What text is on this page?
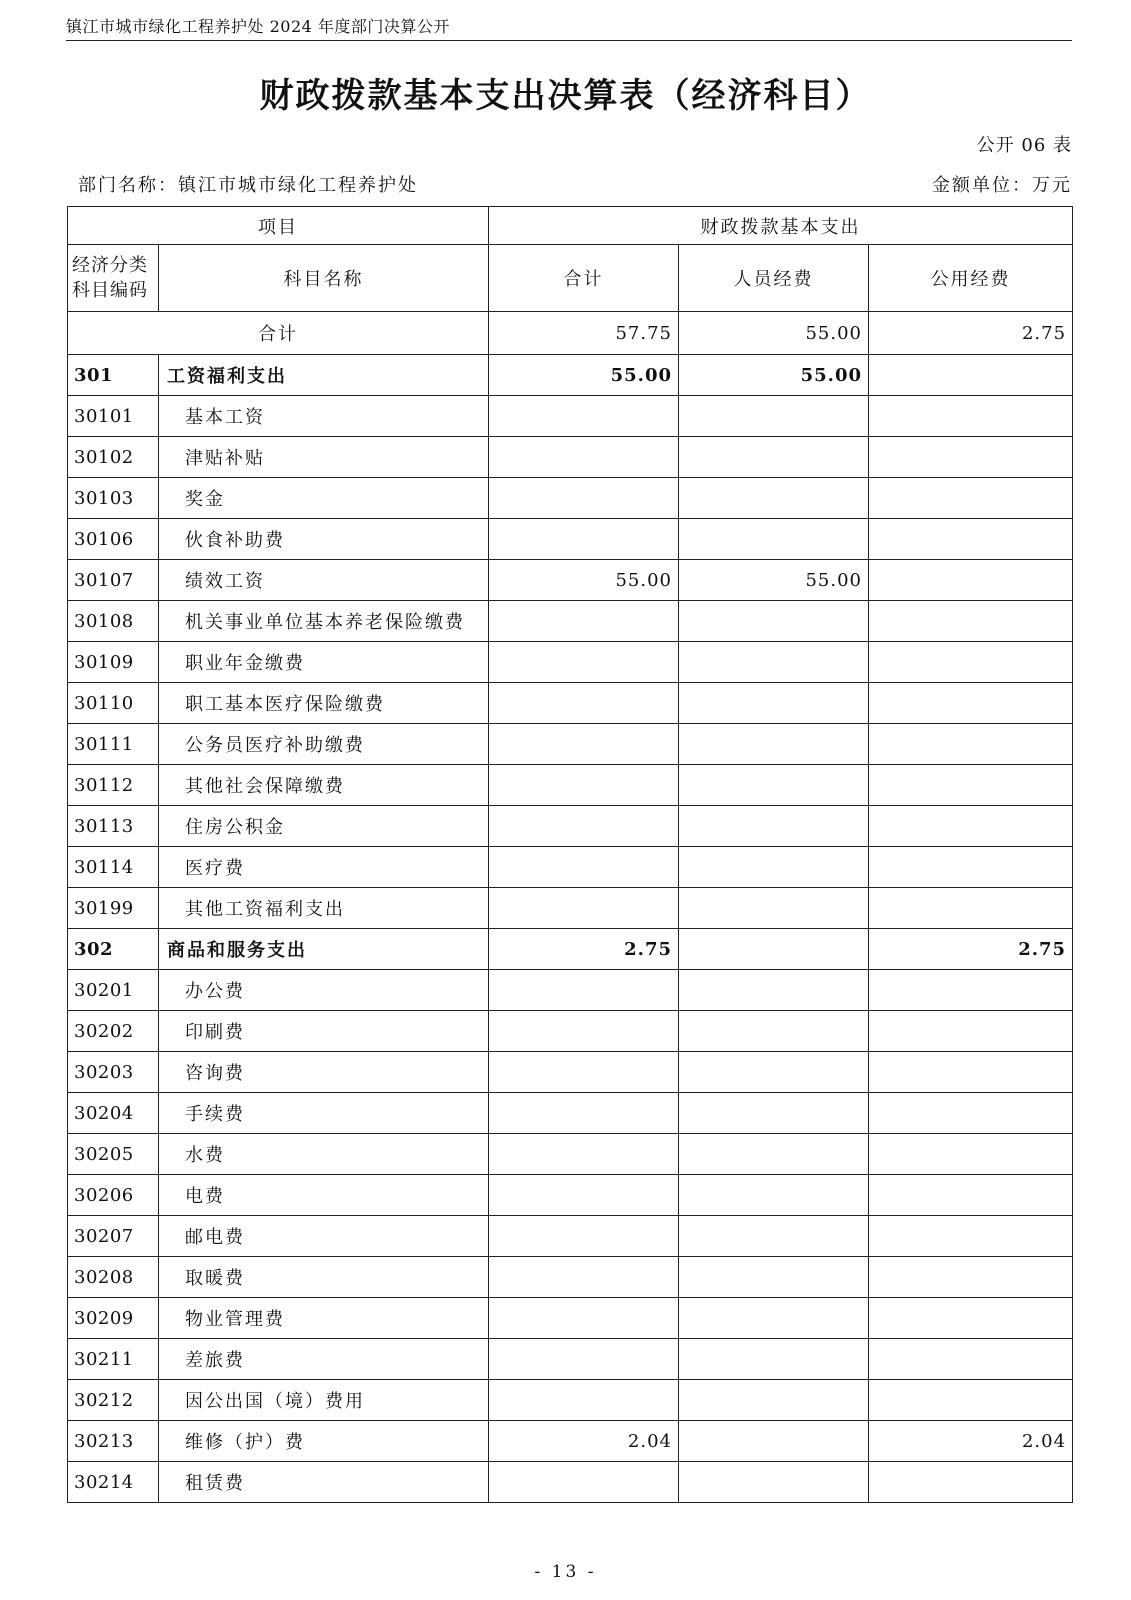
镇江市城市绿化工程养护处 2024 年度部门决算公开
财政拨款基本支出决算表（经济科目）
公开 06 表
部门名称：镇江市城市绿化工程养护处	金额单位：万元
项目		财政拨款基本支出		
经济分类科目编码	科目名称	合计	人员经费	公用经费
合计		57.75	55.00	2.75
301	工资福利支出	55.00	55.00	
30101	基本工资			
30102	津贴补贴			
30103	奖金			
30106	伙食补助费			
30107	绩效工资	55.00	55.00	
30108	机关事业单位基本养老保险缴费			
30109	职业年金缴费			
30110	职工基本医疗保险缴费			
30111	公务员医疗补助缴费			
30112	其他社会保障缴费			
30113	住房公积金			
30114	医疗费			
30199	其他工资福利支出			
302	商品和服务支出	2.75		2.75
30201	办公费			
30202	印刷费			
30203	咨询费			
30204	手续费			
30205	水费			
30206	电费			
30207	邮电费			
30208	取暖费			
30209	物业管理费			
30211	差旅费			
30212	因公出国（境）费用			
30213	维修（护）费	2.04		2.04
30214	租赁费			
- 13 -
